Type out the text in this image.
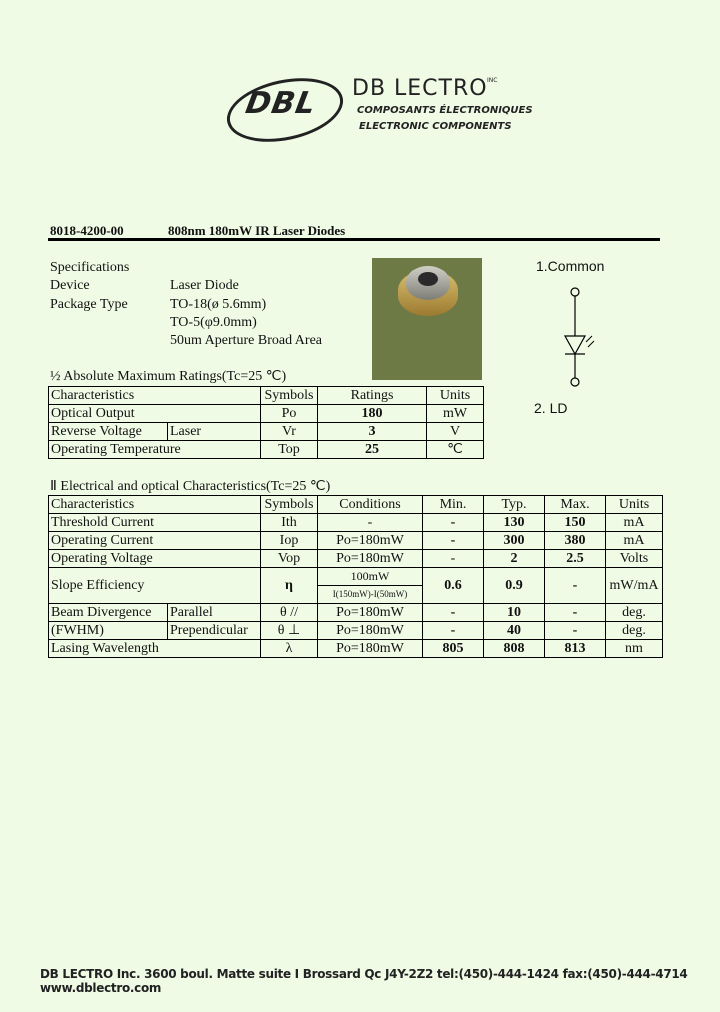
DBL DB LECTRO INC
COMPOSANTS ÉLECTRONIQUES
ELECTRONIC COMPONENTS
8018-4200-00	808nm 180mW IR Laser Diodes
Specifications
Device	Laser Diode
Package Type	TO-18(ø 5.6mm)
TO-5(φ9.0mm)
50um Aperture Broad Area
1.Common
2. LD
½ Absolute Maximum Ratings(Tc=25 ℃)
Characteristics		Symbols	Ratings	Units
Optical Output		Po	180	mW
Reverse Voltage	Laser	Vr	3	V
Operating Temperature		Top	25	℃
Ⅱ Electrical and optical Characteristics(Tc=25 ℃)
Characteristics		Symbols	Conditions	Min.	Typ.	Max.	Units
Threshold Current		Ith	-	-	130	150	mA
Operating Current		Iop	Po=180mW	-	300	380	mA
Operating Voltage		Vop	Po=180mW	-	2	2.5	Volts
Slope Efficiency		η	100mW	0.6	0.9	-	mW/mA
			I(150mW)-I(50mW)				
Beam Divergence	Parallel	θ //	Po=180mW	-	10	-	deg.
(FWHM)	Prependicular	θ ⊥	Po=180mW	-	40	-	deg.
Lasing Wavelength		λ	Po=180mW	805	808	813	nm
DB LECTRO Inc. 3600 boul. Matte suite I Brossard Qc J4Y-2Z2 tel:(450)-444-1424 fax:(450)-444-4714 www.dblectro.com
